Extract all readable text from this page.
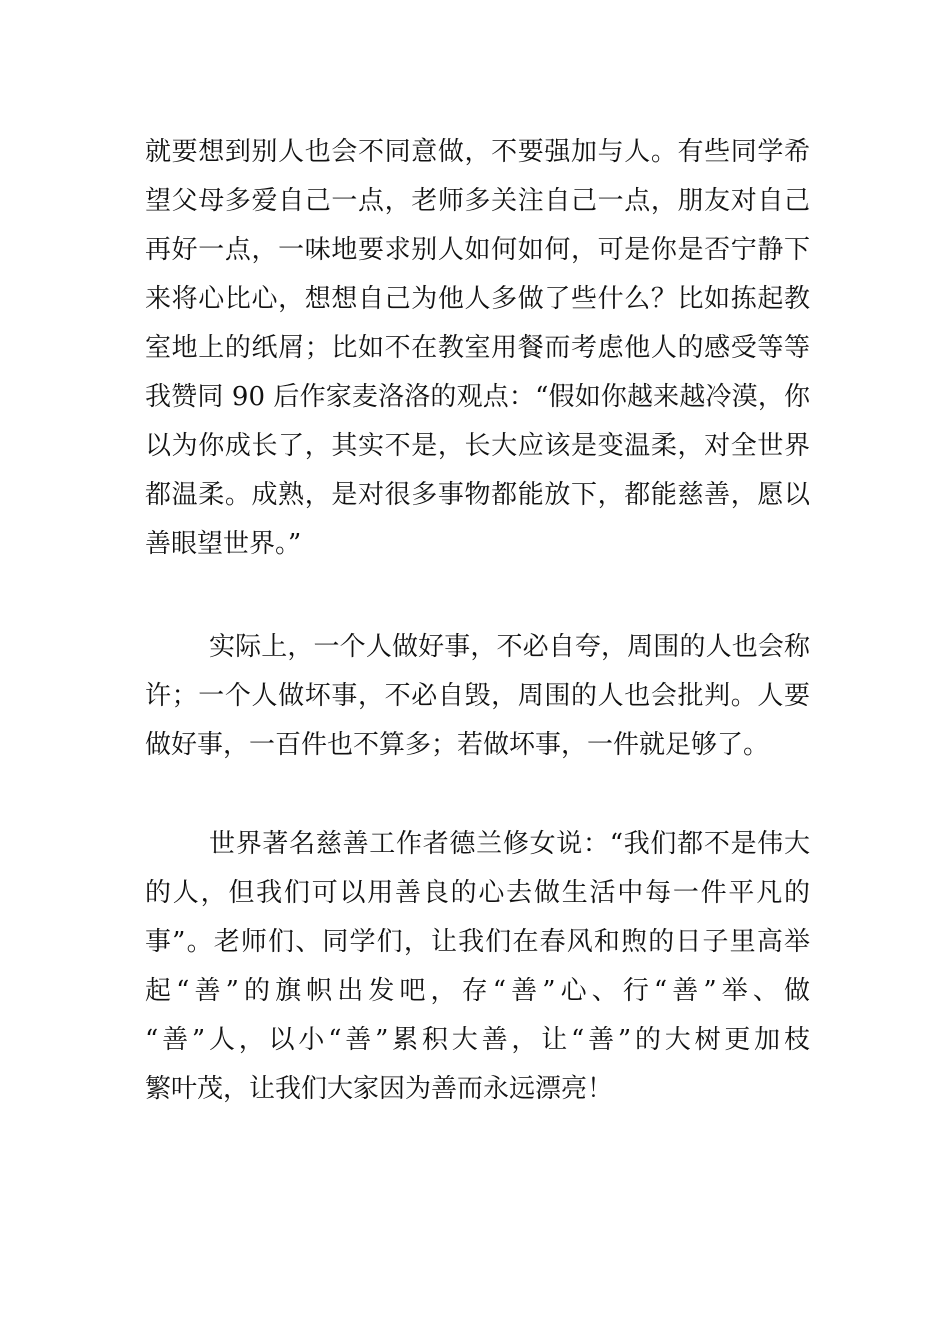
就要想到别人也会不同意做，不要强加与人。有些同学希
望父母多爱自己一点，老师多关注自己一点，朋友对自己
再好一点，一味地要求别人如何如何，可是你是否宁静下
来将心比心，想想自己为他人多做了些什么？比如拣起教
室地上的纸屑；比如不在教室用餐而考虑他人的感受等等
我赞同 90 后作家麦洛洛的观点：“假如你越来越冷漠，你
以为你成长了，其实不是，长大应该是变温柔，对全世界
都温柔。成熟，是对很多事物都能放下，都能慈善，愿以
善眼望世界。”
实际上，一个人做好事，不必自夸，周围的人也会称
许；一个人做坏事，不必自毁，周围的人也会批判。人要
做好事，一百件也不算多；若做坏事，一件就足够了。
世界著名慈善工作者德兰修女说：“我们都不是伟大
的人，但我们可以用善良的心去做生活中每一件平凡的
事”。老师们、同学们，让我们在春风和煦的日子里高举
起“善”的旗帜出发吧，存“善”心、行“善”举、做
“善”人，以小“善”累积大善，让“善”的大树更加枝
繁叶茂，让我们大家因为善而永远漂亮！
